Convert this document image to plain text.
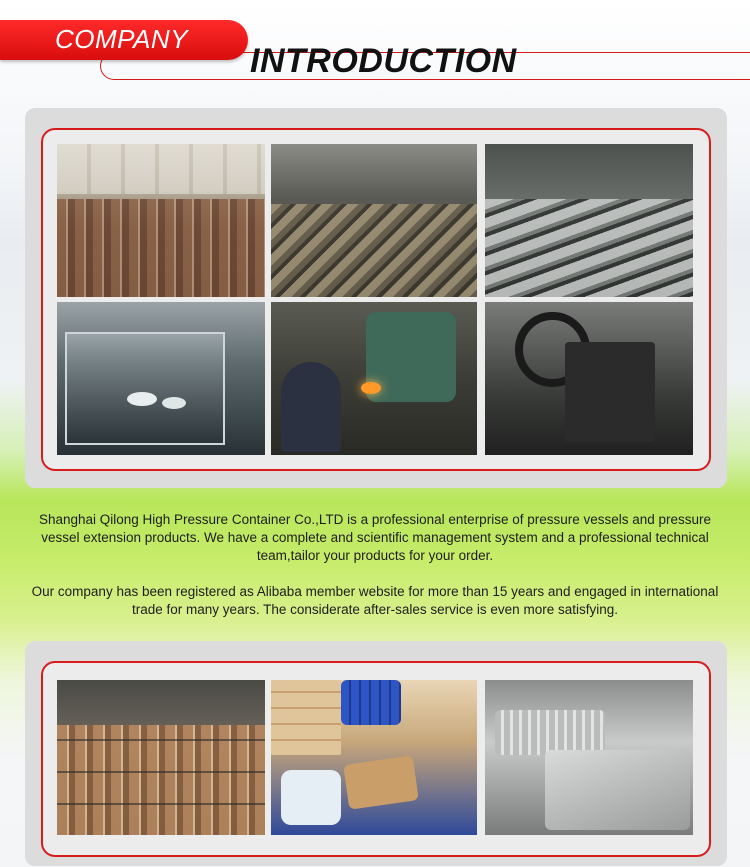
COMPANY
INTRODUCTION
Shanghai Qilong High Pressure Container Co.,LTD is a professional enterprise of pressure vessels and pressure vessel extension products. We have a complete and scientific management system and a professional technical team,tailor your products for your order.
Our company has been registered as Alibaba member website for more than 15 years and engaged in international trade for many years. The considerate after-sales service is even more satisfying.
